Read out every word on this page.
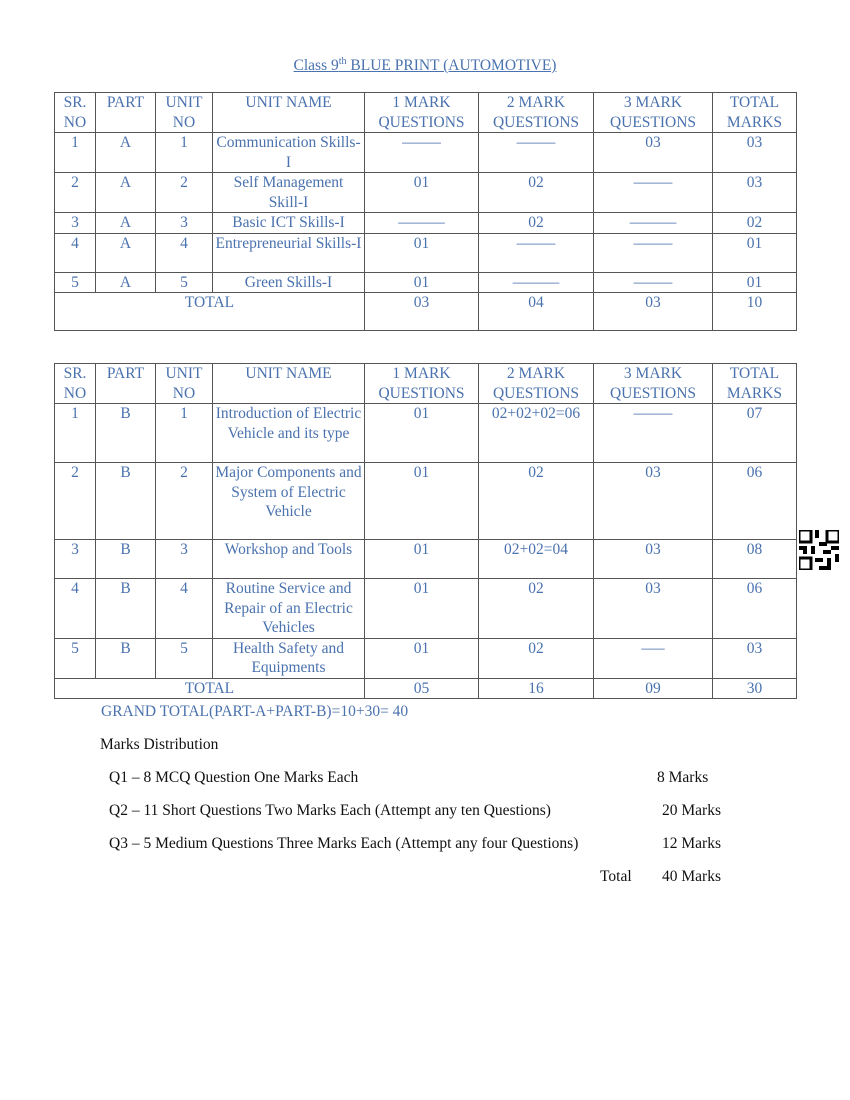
Class 9th BLUE PRINT (AUTOMOTIVE)
SR. NO	PART	UNIT NO	UNIT NAME	1 MARK QUESTIONS	2 MARK QUESTIONS	3 MARK QUESTIONS	TOTAL MARKS
1	A	1	Communication Skills-I	–––––	–––––	03	03
2	A	2	Self Management Skill-I	01	02	–––––	03
3	A	3	Basic ICT Skills-I	––––––	02	––––––	02
4	A	4	Entrepreneurial Skills-I	01	–––––	–––––	01
5	A	5	Green Skills-I	01	––––––	–––––	01
TOTAL				03	04	03	10
SR. NO	PART	UNIT NO	UNIT NAME	1 MARK QUESTIONS	2 MARK QUESTIONS	3 MARK QUESTIONS	TOTAL MARKS
1	B	1	Introduction of Electric Vehicle and its type	01	02+02+02=06	–––––	07
2	B	2	Major Components and System of Electric Vehicle	01	02	03	06
3	B	3	Workshop and Tools	01	02+02=04	03	08
4	B	4	Routine Service and Repair of an Electric Vehicles	01	02	03	06
5	B	5	Health Safety and Equipments	01	02	–––	03
TOTAL				05	16	09	30
GRAND TOTAL(PART-A+PART-B)=10+30= 40
Marks Distribution
Q1 – 8 MCQ Question One Marks Each	8 Marks
Q2 – 11 Short Questions Two Marks Each (Attempt any ten Questions)	20 Marks
Q3 – 5 Medium Questions Three Marks Each (Attempt any four Questions)	12 Marks
Total 40 Marks
